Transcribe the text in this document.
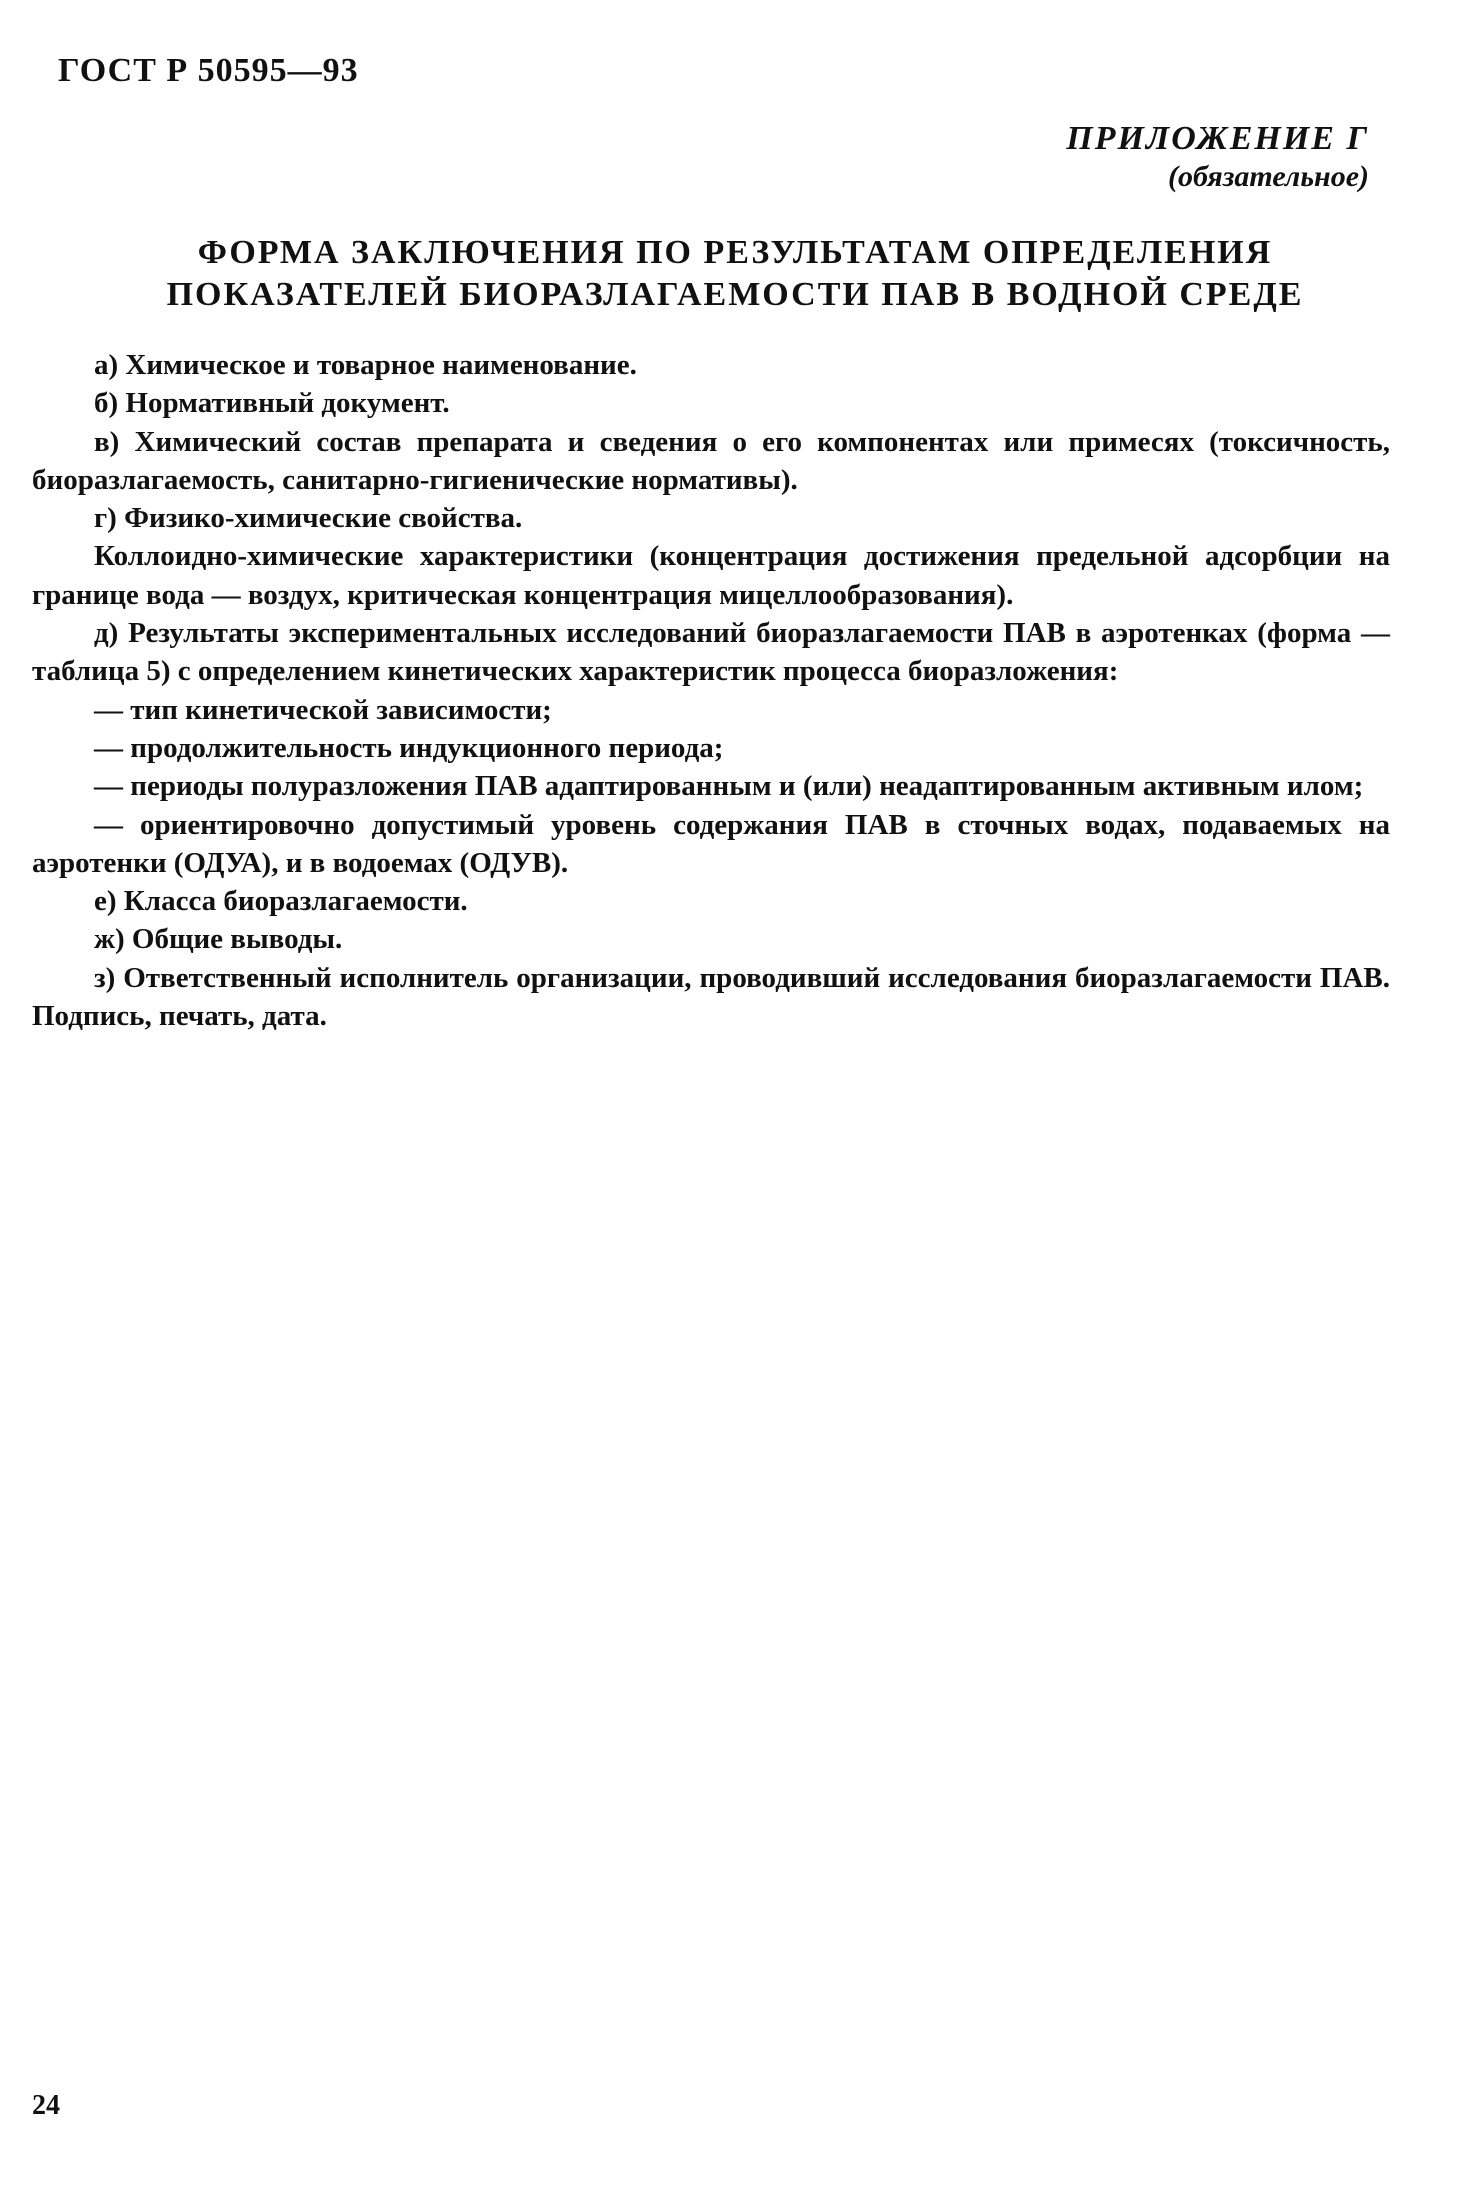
ГОСТ Р 50595—93
ПРИЛОЖЕНИЕ Г
(обязательное)
ФОРМА ЗАКЛЮЧЕНИЯ ПО РЕЗУЛЬТАТАМ ОПРЕДЕЛЕНИЯ
ПОКАЗАТЕЛЕЙ БИОРАЗЛАГАЕМОСТИ ПАВ В ВОДНОЙ СРЕДЕ

а) Химическое и товарное наименование.

б) Нормативный документ.

в) Химический состав препарата и сведения о его компонентах или примесях (токсичность, биоразлагаемость, санитарно-гигиенические нормативы).

г) Физико-химические свойства.

Коллоидно-химические характеристики (концентрация достижения предельной адсорбции на границе вода — воздух, критическая концентрация мицеллообразования).

д) Результаты экспериментальных исследований биоразлагаемости ПАВ в аэротенках (форма — таблица 5) с определением кинетических характеристик процесса биоразложения:

— тип кинетической зависимости;

— продолжительность индукционного периода;

— периоды полуразложения ПАВ адаптированным и (или) неадаптированным активным илом;

— ориентировочно допустимый уровень содержания ПАВ в сточных водах, подаваемых на аэротенки (ОДУА), и в водоемах (ОДУВ).

е) Класса биоразлагаемости.

ж) Общие выводы.

з) Ответственный исполнитель организации, проводивший исследования биоразлагаемости ПАВ. Подпись, печать, дата.

24
